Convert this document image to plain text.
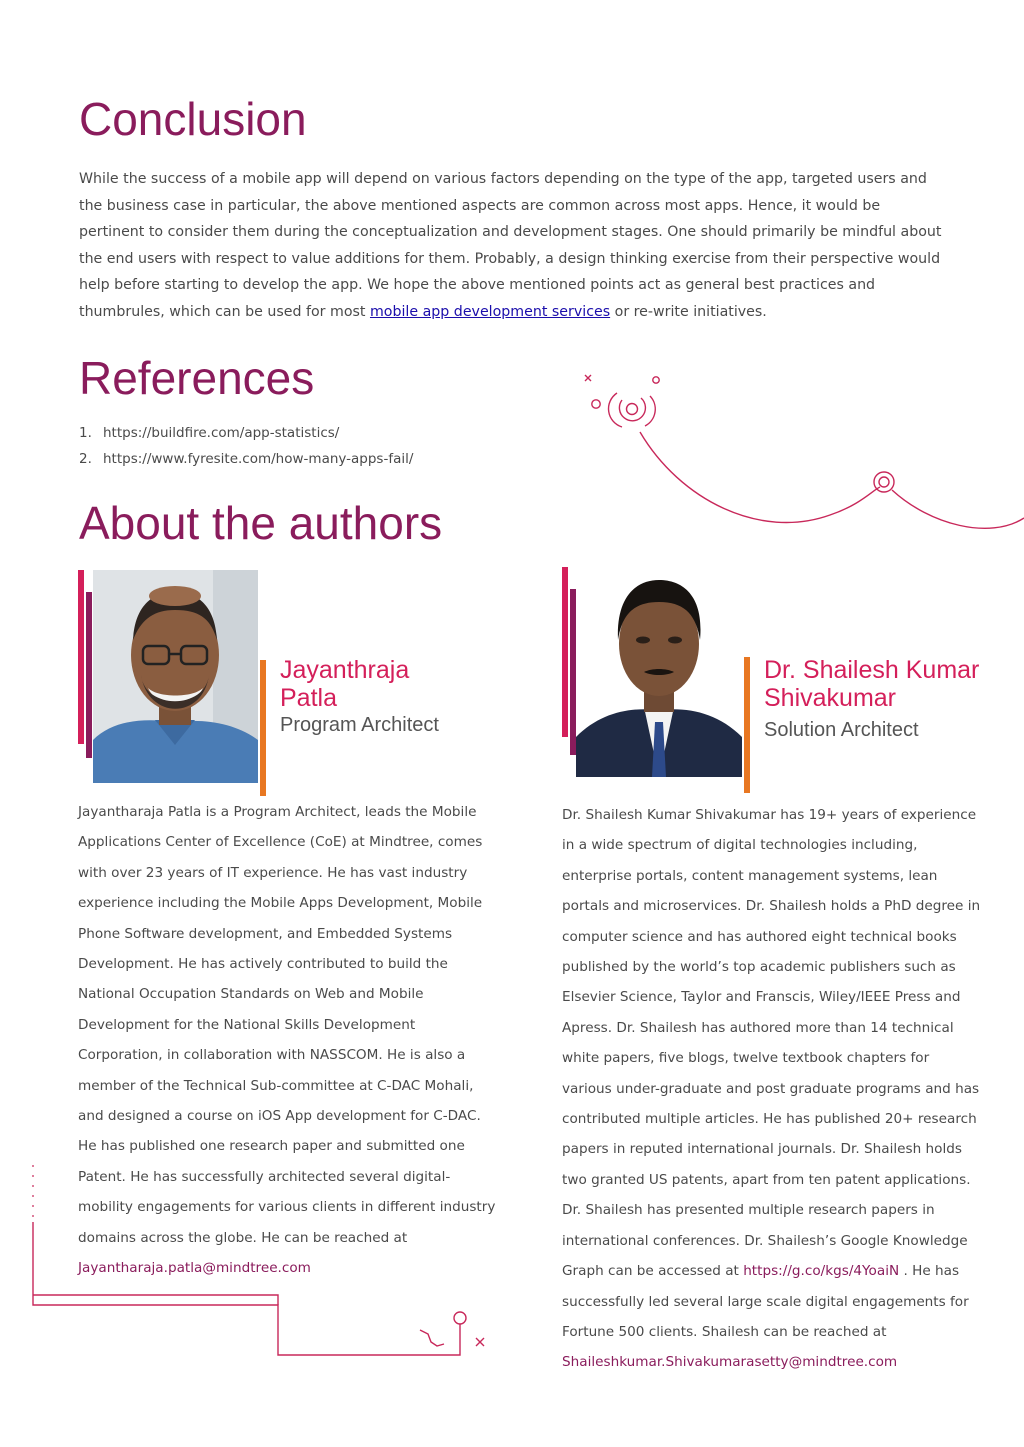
Conclusion

While the success of a mobile app will depend on various factors depending on the type of the app, targeted users and the business case in particular, the above mentioned aspects are common across most apps. Hence, it would be pertinent to consider them during the conceptualization and development stages. One should primarily be mindful about the end users with respect to value additions for them. Probably, a design thinking exercise from their perspective would help before starting to develop the app. We hope the above mentioned points act as general best practices and thumbrules, which can be used for most mobile app development services or re-write initiatives.

References
1. https://buildfire.com/app-statistics/
2. https://www.fyresite.com/how-many-apps-fail/
About the authors
Jayanthraja
Patla
Program Architect

Jayantharaja Patla is a Program Architect, leads the Mobile Applications Center of Excellence (CoE) at Mindtree, comes with over 23 years of IT experience. He has vast industry experience including the Mobile Apps Development, Mobile Phone Software development, and Embedded Systems Development. He has actively contributed to build the National Occupation Standards on Web and Mobile Development for the National Skills Development Corporation, in collaboration with NASSCOM. He is also a member of the Technical Sub-committee at C-DAC Mohali, and designed a course on iOS App development for C-DAC. He has published one research paper and submitted one Patent. He has successfully architected several digital-mobility engagements for various clients in different industry domains across the globe. He can be reached at
Jayantharaja.patla@mindtree.com

Dr. Shailesh Kumar
Shivakumar
Solution Architect

Dr. Shailesh Kumar Shivakumar has 19+ years of experience in a wide spectrum of digital technologies including, enterprise portals, content management systems, lean portals and microservices. Dr. Shailesh holds a PhD degree in computer science and has authored eight technical books published by the world’s top academic publishers such as Elsevier Science, Taylor and Franscis, Wiley/IEEE Press and Apress. Dr. Shailesh has authored more than 14 technical white papers, five blogs, twelve textbook chapters for various under-graduate and post graduate programs and has contributed multiple articles. He has published 20+ research papers in reputed international journals. Dr. Shailesh holds two granted US patents, apart from ten patent applications. Dr. Shailesh has presented multiple research papers in international conferences. Dr. Shailesh’s Google Knowledge Graph can be accessed at https://g.co/kgs/4YoaiN . He has successfully led several large scale digital engagements for Fortune 500 clients. Shailesh can be reached at
Shaileshkumar.Shivakumarasetty@mindtree.com
